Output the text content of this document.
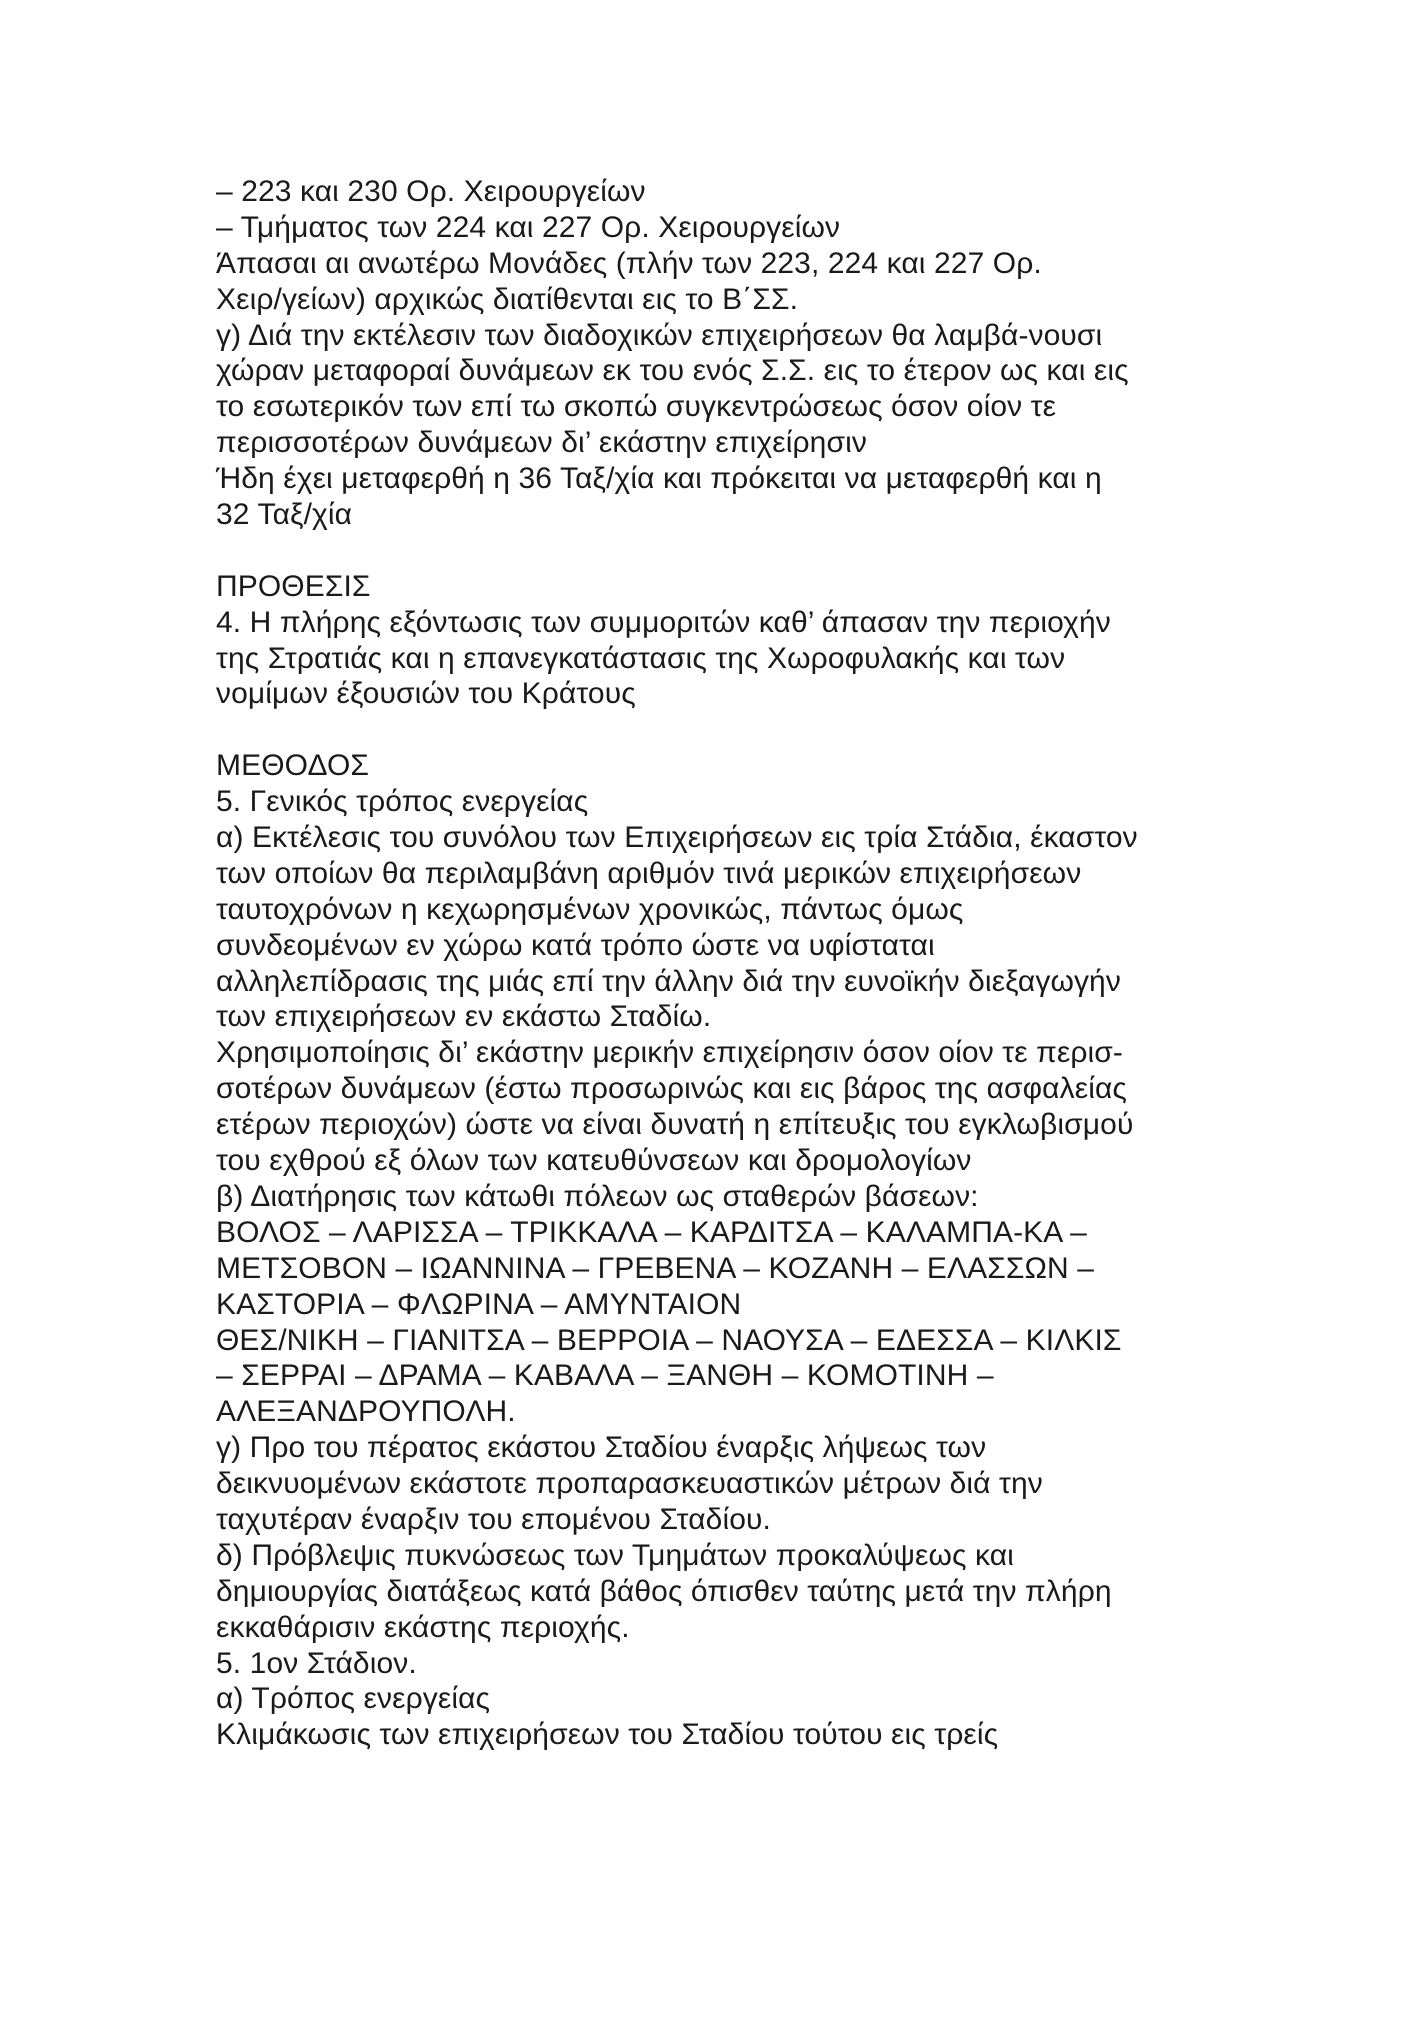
– 223 και 230 Ορ. Χειρουργείων
– Τμήματος των 224 και 227 Ορ. Χειρουργείων
Άπασαι αι ανωτέρω Μονάδες (πλήν των 223, 224 και 227 Ορ.
Χειρ/γείων) αρχικώς διατίθενται εις το Β΄ΣΣ.
γ) Διά την εκτέλεσιν των διαδοχικών επιχειρήσεων θα λαμβά-νουσι
χώραν μεταφοραί δυνάμεων εκ του ενός Σ.Σ. εις το έτερον ως και εις
το εσωτερικόν των επί τω σκοπώ συγκεντρώσεως όσον οίον τε
περισσοτέρων δυνάμεων δι’ εκάστην επιχείρησιν
Ήδη έχει μεταφερθή η 36 Ταξ/χία και πρόκειται να μεταφερθή και η
32 Ταξ/χία
ΠΡΟΘΕΣΙΣ
4. Η πλήρης εξόντωσις των συμμοριτών καθ’ άπασαν την περιοχήν
της Στρατιάς και η επανεγκατάστασις της Χωροφυλακής και των
νομίμων έξουσιών του Κράτους
ΜΕΘΟΔΟΣ
5. Γενικός τρόπος ενεργείας
α) Εκτέλεσις του συνόλου των Επιχειρήσεων εις τρία Στάδια, έκαστον
των οποίων θα περιλαμβάνη αριθμόν τινά μερικών επιχειρήσεων
ταυτοχρόνων η κεχωρησμένων χρονικώς, πάντως όμως
συνδεομένων εν χώρω κατά τρόπο ώστε να υφίσταται
αλληλεπίδρασις της μιάς επί την άλλην διά την ευνοϊκήν διεξαγωγήν
των επιχειρήσεων εν εκάστω Σταδίω.
Χρησιμοποίησις δι’ εκάστην μερικήν επιχείρησιν όσον οίον τε περισ-
σοτέρων δυνάμεων (έστω προσωρινώς και εις βάρος της ασφαλείας
ετέρων περιοχών) ώστε να είναι δυνατή η επίτευξις του εγκλωβισμού
του εχθρού εξ όλων των κατευθύνσεων και δρομολογίων
β) Διατήρησις των κάτωθι πόλεων ως σταθερών βάσεων:
ΒΟΛΟΣ – ΛΑΡΙΣΣΑ – ΤΡΙΚΚΑΛΑ – ΚΑΡΔΙΤΣΑ – ΚΑΛΑΜΠΑ-ΚΑ –
ΜΕΤΣΟΒΟΝ – ΙΩΑΝΝΙΝΑ – ΓΡΕΒΕΝΑ – ΚΟΖΑΝΗ – ΕΛΑΣΣΩΝ –
ΚΑΣΤΟΡΙΑ – ΦΛΩΡΙΝΑ – ΑΜΥΝΤΑΙΟΝ
ΘΕΣ/ΝΙΚΗ – ΓΙΑΝΙΤΣΑ – ΒΕΡΡΟΙΑ – ΝΑΟΥΣΑ – ΕΔΕΣΣΑ – ΚΙΛΚΙΣ
– ΣΕΡΡΑΙ – ΔΡΑΜΑ – ΚΑΒΑΛΑ – ΞΑΝΘΗ – ΚΟΜΟΤΙΝΗ –
ΑΛΕΞΑΝΔΡΟΥΠΟΛΗ.
γ) Προ του πέρατος εκάστου Σταδίου έναρξις λήψεως των
δεικνυομένων εκάστοτε προπαρασκευαστικών μέτρων διά την
ταχυτέραν έναρξιν του επομένου Σταδίου.
δ) Πρόβλεψις πυκνώσεως των Τμημάτων προκαλύψεως και
δημιουργίας διατάξεως κατά βάθος όπισθεν ταύτης μετά την πλήρη
εκκαθάρισιν εκάστης περιοχής.
5. 1ον Στάδιον.
α) Τρόπος ενεργείας
Κλιμάκωσις των επιχειρήσεων του Σταδίου τούτου εις τρείς
